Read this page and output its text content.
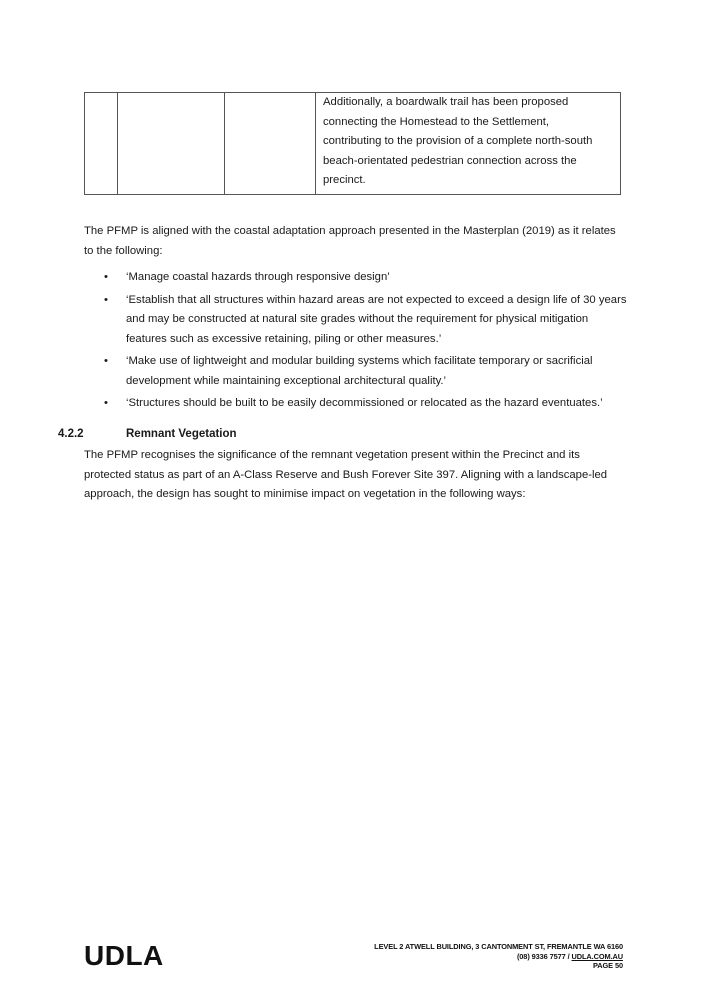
Additionally, a boardwalk trail has been proposed

connecting the Homestead to the Settlement,

contributing to the provision of a complete north-south

beach-orientated pedestrian connection across the

precinct.

The PFMP is aligned with the coastal adaptation approach presented in the Masterplan (2019) as it relates to the following:

• ‘Manage coastal hazards through responsive design’
• ‘Establish that all structures within hazard areas are not expected to exceed a design life of 30 years and may be constructed at natural site grades without the requirement for physical mitigation features such as excessive retaining, piling or other measures.’
• ‘Make use of lightweight and modular building systems which facilitate temporary or sacrificial development while maintaining exceptional architectural quality.’
• ‘Structures should be built to be easily decommissioned or relocated as the hazard eventuates.’
4.2.2	Remnant Vegetation

The PFMP recognises the significance of the remnant vegetation present within the Precinct and its protected status as part of an A-Class Reserve and Bush Forever Site 397. Aligning with a landscape-led approach, the design has sought to minimise impact on vegetation in the following ways:

UDLA	LEVEL 2 ATWELL BUILDING, 3 CANTONMENT ST, FREMANTLE WA 6160
(08) 9336 7577 / UDLA.COM.AU
PAGE 50
